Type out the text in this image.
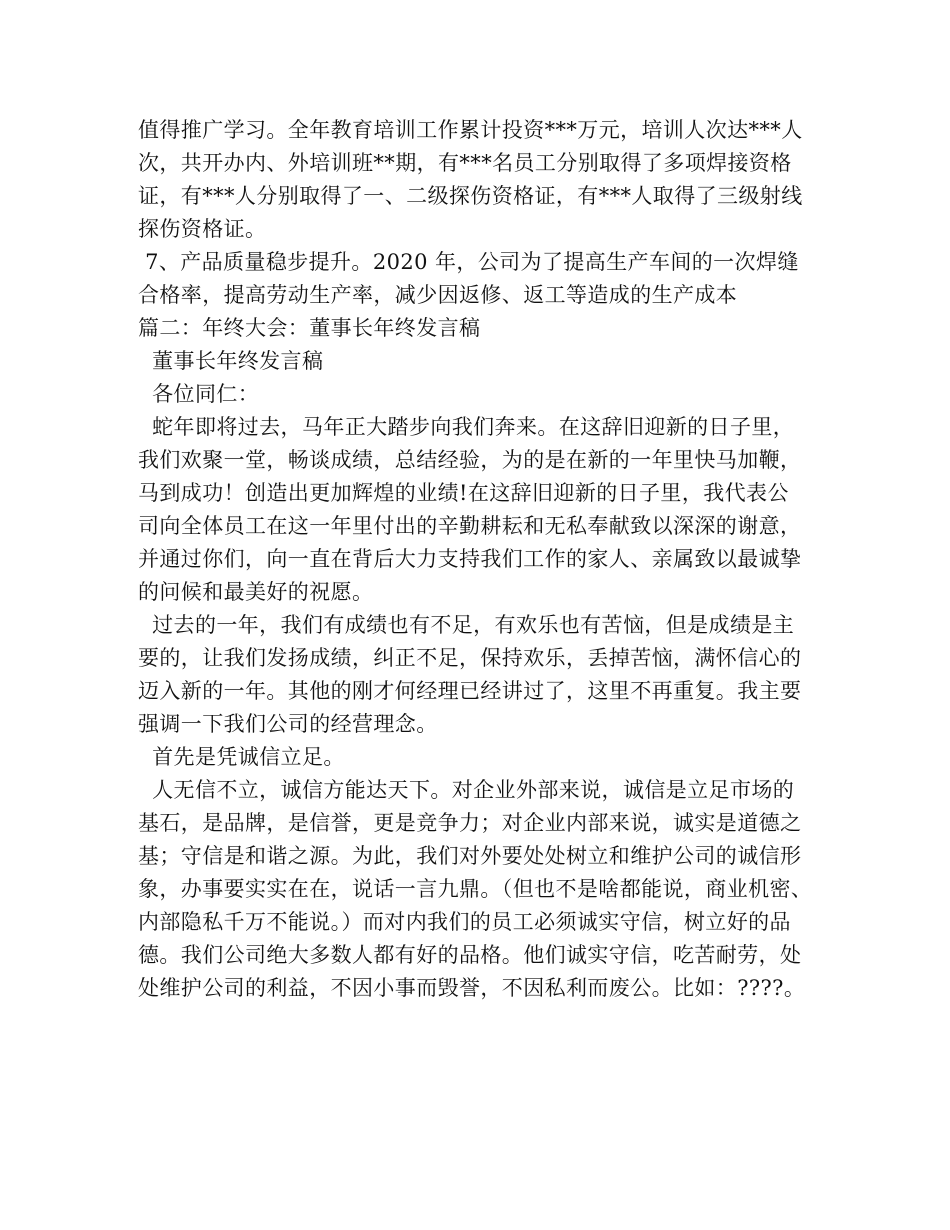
值得推广学习。全年教育培训工作累计投资***万元，培训人次达***人
次，共开办内、外培训班**期，有***名员工分别取得了多项焊接资格
证，有***人分别取得了一、二级探伤资格证，有***人取得了三级射线
探伤资格证。
7、产品质量稳步提升。2020 年，公司为了提高生产车间的一次焊缝
合格率，提高劳动生产率，减少因返修、返工等造成的生产成本
篇二：年终大会：董事长年终发言稿
董事长年终发言稿
各位同仁：
蛇年即将过去，马年正大踏步向我们奔来。在这辞旧迎新的日子里，
我们欢聚一堂，畅谈成绩，总结经验，为的是在新的一年里快马加鞭，
马到成功！创造出更加辉煌的业绩!在这辞旧迎新的日子里，我代表公
司向全体员工在这一年里付出的辛勤耕耘和无私奉献致以深深的谢意，
并通过你们，向一直在背后大力支持我们工作的家人、亲属致以最诚挚
的问候和最美好的祝愿。
过去的一年，我们有成绩也有不足，有欢乐也有苦恼，但是成绩是主
要的，让我们发扬成绩，纠正不足，保持欢乐，丢掉苦恼，满怀信心的
迈入新的一年。其他的刚才何经理已经讲过了，这里不再重复。我主要
强调一下我们公司的经营理念。
首先是凭诚信立足。
人无信不立，诚信方能达天下。对企业外部来说，诚信是立足市场的
基石，是品牌，是信誉，更是竞争力；对企业内部来说，诚实是道德之
基；守信是和谐之源。为此，我们对外要处处树立和维护公司的诚信形
象，办事要实实在在，说话一言九鼎。（但也不是啥都能说，商业机密、
内部隐私千万不能说。）而对内我们的员工必须诚实守信，树立好的品
德。我们公司绝大多数人都有好的品格。他们诚实守信，吃苦耐劳，处
处维护公司的利益，不因小事而毁誉，不因私利而废公。比如：????。
